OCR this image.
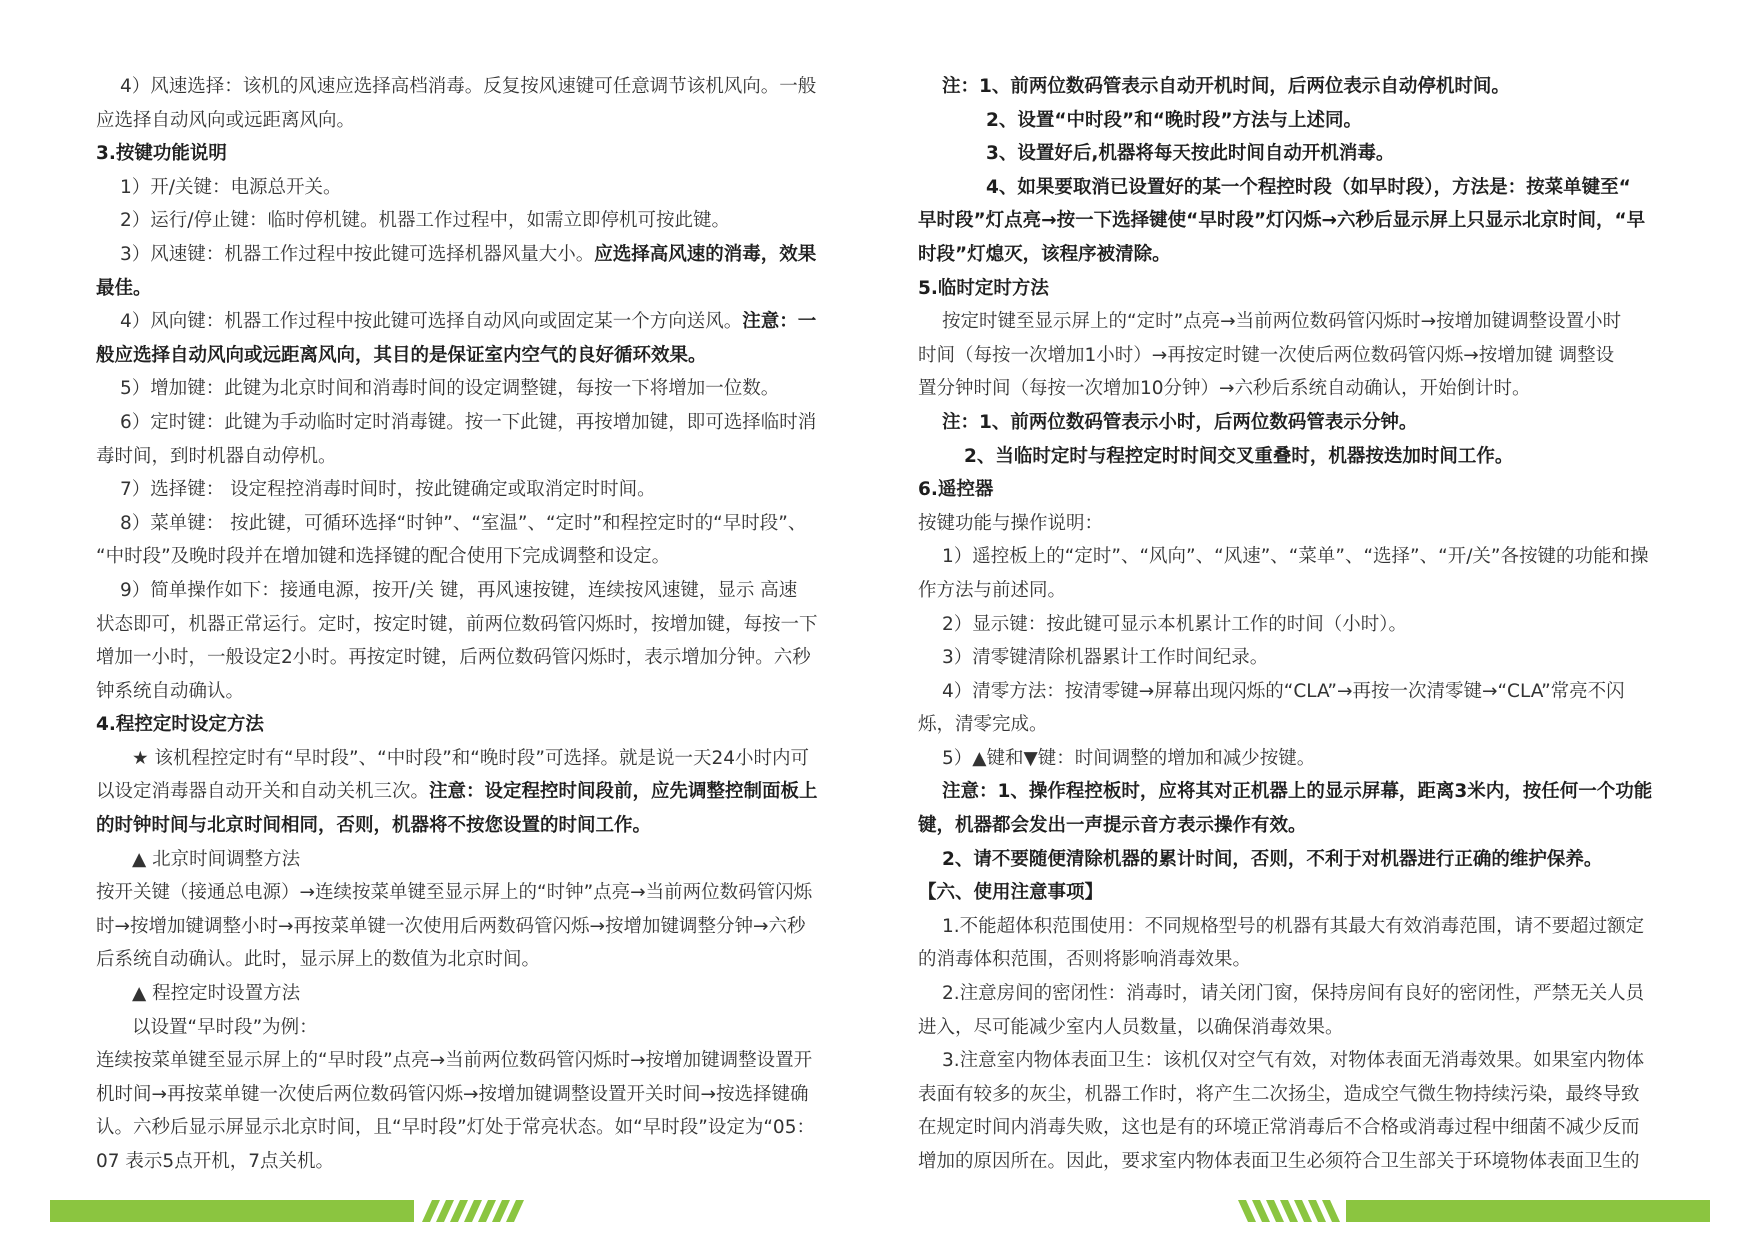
4）风速选择：该机的风速应选择高档消毒。反复按风速键可任意调节该机风向。一般

应选择自动风向或远距离风向。

3.按键功能说明

1）开/关键：电源总开关。

2）运行/停止键：临时停机键。机器工作过程中，如需立即停机可按此键。

3）风速键：机器工作过程中按此键可选择机器风量大小。应选择高风速的消毒，效果

最佳。

4）风向键：机器工作过程中按此键可选择自动风向或固定某一个方向送风。注意：一

般应选择自动风向或远距离风向，其目的是保证室内空气的良好循环效果。

5）增加键：此键为北京时间和消毒时间的设定调整键，每按一下将增加一位数。

6）定时键：此键为手动临时定时消毒键。按一下此键，再按增加键，即可选择临时消

毒时间，到时机器自动停机。

7）选择键： 设定程控消毒时间时，按此键确定或取消定时时间。

8）菜单键： 按此键，可循环选择“时钟”、“室温”、“定时”和程控定时的“早时段”、

“中时段”及晚时段并在增加键和选择键的配合使用下完成调整和设定。

9）简单操作如下：接通电源，按开/关 键，再风速按键，连续按风速键，显示 高速

状态即可，机器正常运行。定时，按定时键，前两位数码管闪烁时，按增加键，每按一下

增加一小时，一般设定2小时。再按定时键，后两位数码管闪烁时，表示增加分钟。六秒

钟系统自动确认。

4.程控定时设定方法

★ 该机程控定时有“早时段”、“中时段”和“晚时段”可选择。就是说一天24小时内可

以设定消毒器自动开关和自动关机三次。注意：设定程控时间段前，应先调整控制面板上

的时钟时间与北京时间相同，否则，机器将不按您设置的时间工作。

▲ 北京时间调整方法

按开关键（接通总电源）→连续按菜单键至显示屏上的“时钟”点亮→当前两位数码管闪烁

时→按增加键调整小时→再按菜单键一次使用后两数码管闪烁→按增加键调整分钟→六秒

后系统自动确认。此时，显示屏上的数值为北京时间。

▲ 程控定时设置方法

以设置“早时段”为例：

连续按菜单键至显示屏上的“早时段”点亮→当前两位数码管闪烁时→按增加键调整设置开

机时间→再按菜单键一次使后两位数码管闪烁→按增加键调整设置开关时间→按选择键确

认。六秒后显示屏显示北京时间，且“早时段”灯处于常亮状态。如“早时段”设定为“05：

07 表示5点开机，7点关机。

注：1、前两位数码管表示自动开机时间，后两位表示自动停机时间。

2、设置“中时段”和“晚时段”方法与上述同。

3、设置好后,机器将每天按此时间自动开机消毒。

4、如果要取消已设置好的某一个程控时段（如早时段），方法是：按菜单键至“

早时段”灯点亮→按一下选择键使“早时段”灯闪烁→六秒后显示屏上只显示北京时间，“早

时段”灯熄灭，该程序被清除。

5.临时定时方法

按定时键至显示屏上的“定时”点亮→当前两位数码管闪烁时→按增加键调整设置小时

时间（每按一次增加1小时）→再按定时键一次使后两位数码管闪烁→按增加键 调整设

置分钟时间（每按一次增加10分钟）→六秒后系统自动确认，开始倒计时。

注：1、前两位数码管表示小时，后两位数码管表示分钟。

2、当临时定时与程控定时时间交叉重叠时，机器按迭加时间工作。

6.遥控器

按键功能与操作说明：

1）遥控板上的“定时”、“风向”、“风速”、“菜单”、“选择”、“开/关”各按键的功能和操

作方法与前述同。

2）显示键：按此键可显示本机累计工作的时间（小时）。

3）清零键清除机器累计工作时间纪录。

4）清零方法：按清零键→屏幕出现闪烁的“CLA”→再按一次清零键→“CLA”常亮不闪

烁，清零完成。

5）▲键和▼键：时间调整的增加和减少按键。

注意：1、操作程控板时，应将其对正机器上的显示屏幕，距离3米内，按任何一个功能

键，机器都会发出一声提示音方表示操作有效。

2、请不要随便清除机器的累计时间，否则，不利于对机器进行正确的维护保养。

【六、使用注意事项】

1.不能超体积范围使用：不同规格型号的机器有其最大有效消毒范围，请不要超过额定

的消毒体积范围，否则将影响消毒效果。

2.注意房间的密闭性：消毒时，请关闭门窗，保持房间有良好的密闭性，严禁无关人员

进入，尽可能减少室内人员数量，以确保消毒效果。

3.注意室内物体表面卫生：该机仅对空气有效，对物体表面无消毒效果。如果室内物体

表面有较多的灰尘，机器工作时，将产生二次扬尘，造成空气微生物持续污染，最终导致

在规定时间内消毒失败，这也是有的环境正常消毒后不合格或消毒过程中细菌不减少反而

增加的原因所在。因此，要求室内物体表面卫生必须符合卫生部关于环境物体表面卫生的
